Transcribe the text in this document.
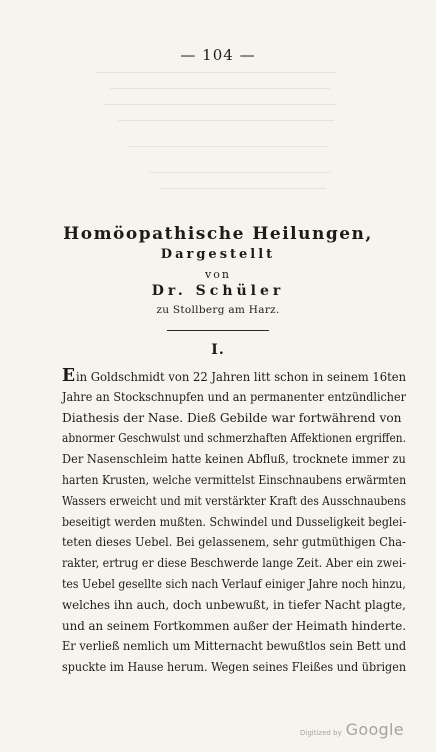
— 104 —
Homöopathische Heilungen,
Dargestellt
von
Dr. Schüler
zu Stollberg am Harz.
I.
Ein Goldschmidt von 22 Jahren litt schon in seinem 16ten
Jahre an Stockschnupfen und an permanenter entzündlicher
Diathesis der Nase. Dieß Gebilde war fortwährend von
abnormer Geschwulst und schmerzhaften Affektionen ergriffen.
Der Nasenschleim hatte keinen Abfluß, trocknete immer zu
harten Krusten, welche vermittelst Einschnaubens erwärmten
Wassers erweicht und mit verstärkter Kraft des Ausschnaubens
beseitigt werden mußten. Schwindel und Dusseligkeit beglei-
teten dieses Uebel. Bei gelassenem, sehr gutmüthigen Cha-
rakter, ertrug er diese Beschwerde lange Zeit. Aber ein zwei-
tes Uebel gesellte sich nach Verlauf einiger Jahre noch hinzu,
welches ihn auch, doch unbewußt, in tiefer Nacht plagte,
und an seinem Fortkommen außer der Heimath hinderte.
Er verließ nemlich um Mitternacht bewußtlos sein Bett und
spuckte im Hause herum. Wegen seines Fleißes und übrigen
Digitized by Google
